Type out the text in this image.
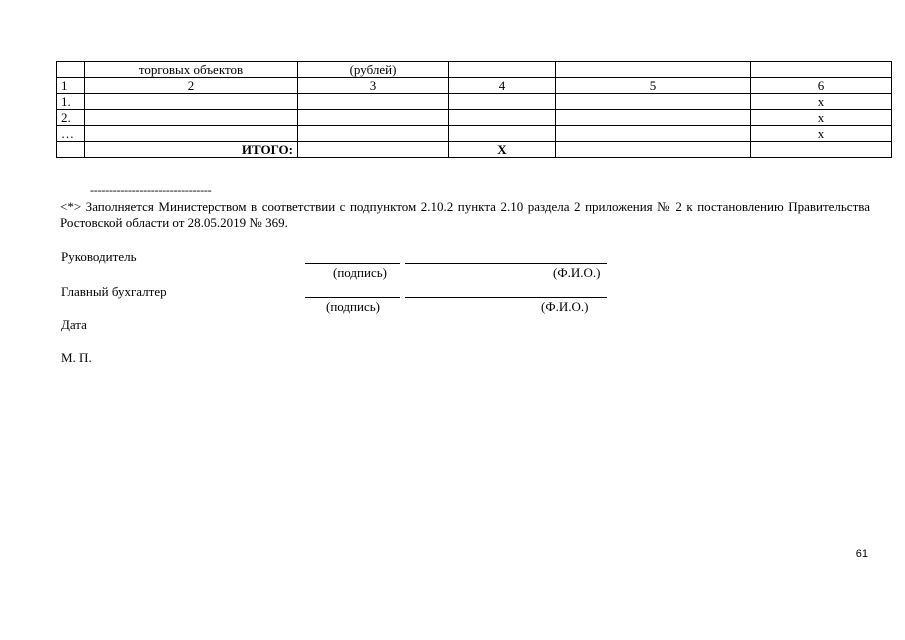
	торговых объектов	(рублей)			
1	2	3	4	5	6
1.					х
2.					х
…					х
	ИТОГО:		Х		
--------------------------------
<*> Заполняется Министерством в соответствии с подпунктом 2.10.2 пункта 2.10 раздела 2 приложения № 2 к постановлению Правительства Ростовской области от 28.05.2019 № 369.
Руководитель
(подпись)	(Ф.И.О.)
Главный бухгалтер
(подпись)	(Ф.И.О.)
Дата
М. П.
61
